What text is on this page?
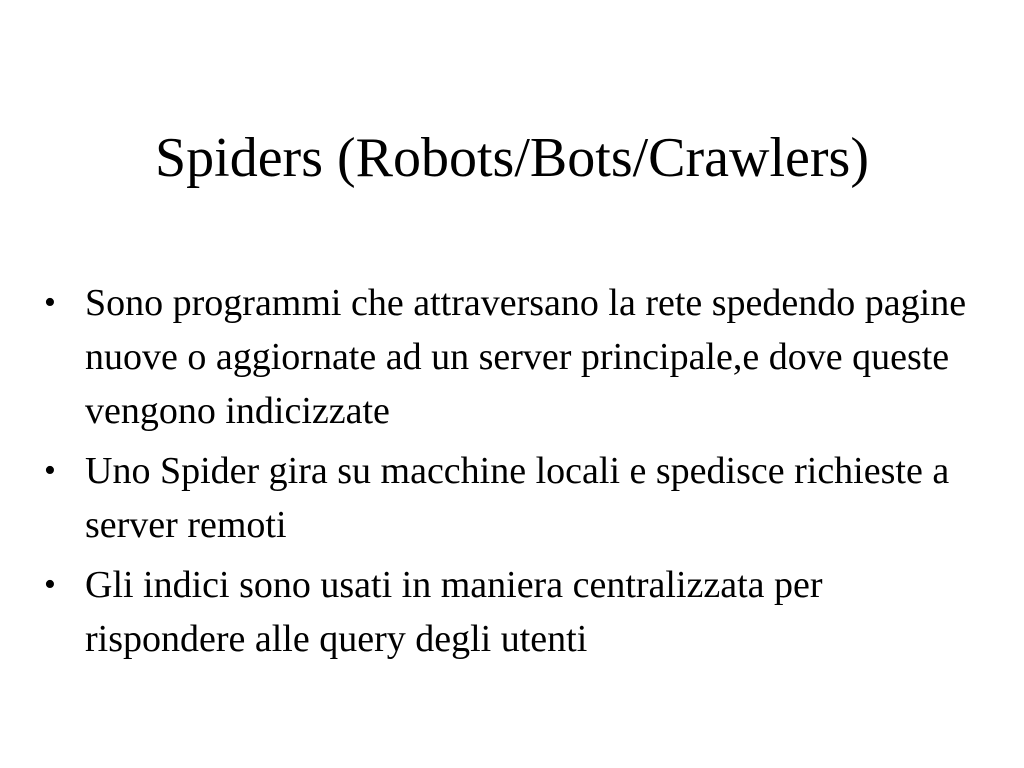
Spiders (Robots/Bots/Crawlers)
• Sono programmi che attraversano la rete spedendo pagine nuove o aggiornate ad un server principale,e dove queste vengono indicizzate
• Uno Spider gira su macchine locali e spedisce richieste a server remoti
• Gli indici sono usati in maniera centralizzata per rispondere alle query degli utenti
